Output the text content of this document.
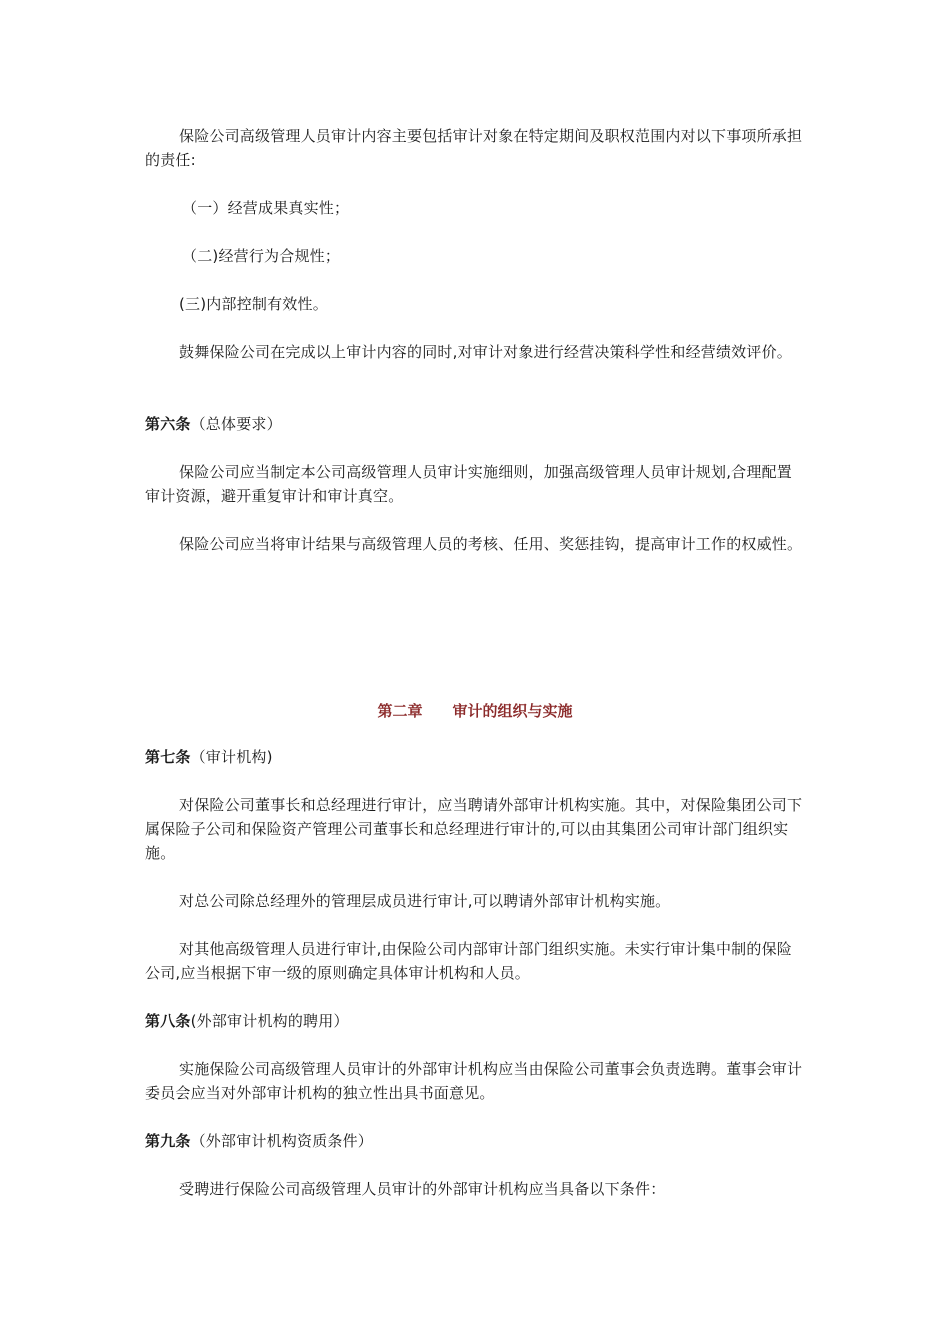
保险公司高级管理人员审计内容主要包括审计对象在特定期间及职权范围内对以下事项所承担的责任:

（一）经营成果真实性；

（二)经营行为合规性；

(三)内部控制有效性。

鼓舞保险公司在完成以上审计内容的同时,对审计对象进行经营决策科学性和经营绩效评价。

第六条（总体要求）

保险公司应当制定本公司高级管理人员审计实施细则，加强高级管理人员审计规划,合理配置审计资源，避开重复审计和审计真空。

保险公司应当将审计结果与高级管理人员的考核、任用、奖惩挂钩，提高审计工作的权威性。

第二章 审计的组织与实施

第七条（审计机构)

对保险公司董事长和总经理进行审计，应当聘请外部审计机构实施。其中，对保险集团公司下属保险子公司和保险资产管理公司董事长和总经理进行审计的,可以由其集团公司审计部门组织实施。

对总公司除总经理外的管理层成员进行审计,可以聘请外部审计机构实施。

对其他高级管理人员进行审计,由保险公司内部审计部门组织实施。未实行审计集中制的保险公司,应当根据下审一级的原则确定具体审计机构和人员。

第八条(外部审计机构的聘用）

实施保险公司高级管理人员审计的外部审计机构应当由保险公司董事会负责选聘。董事会审计委员会应当对外部审计机构的独立性出具书面意见。

第九条（外部审计机构资质条件）

受聘进行保险公司高级管理人员审计的外部审计机构应当具备以下条件：
